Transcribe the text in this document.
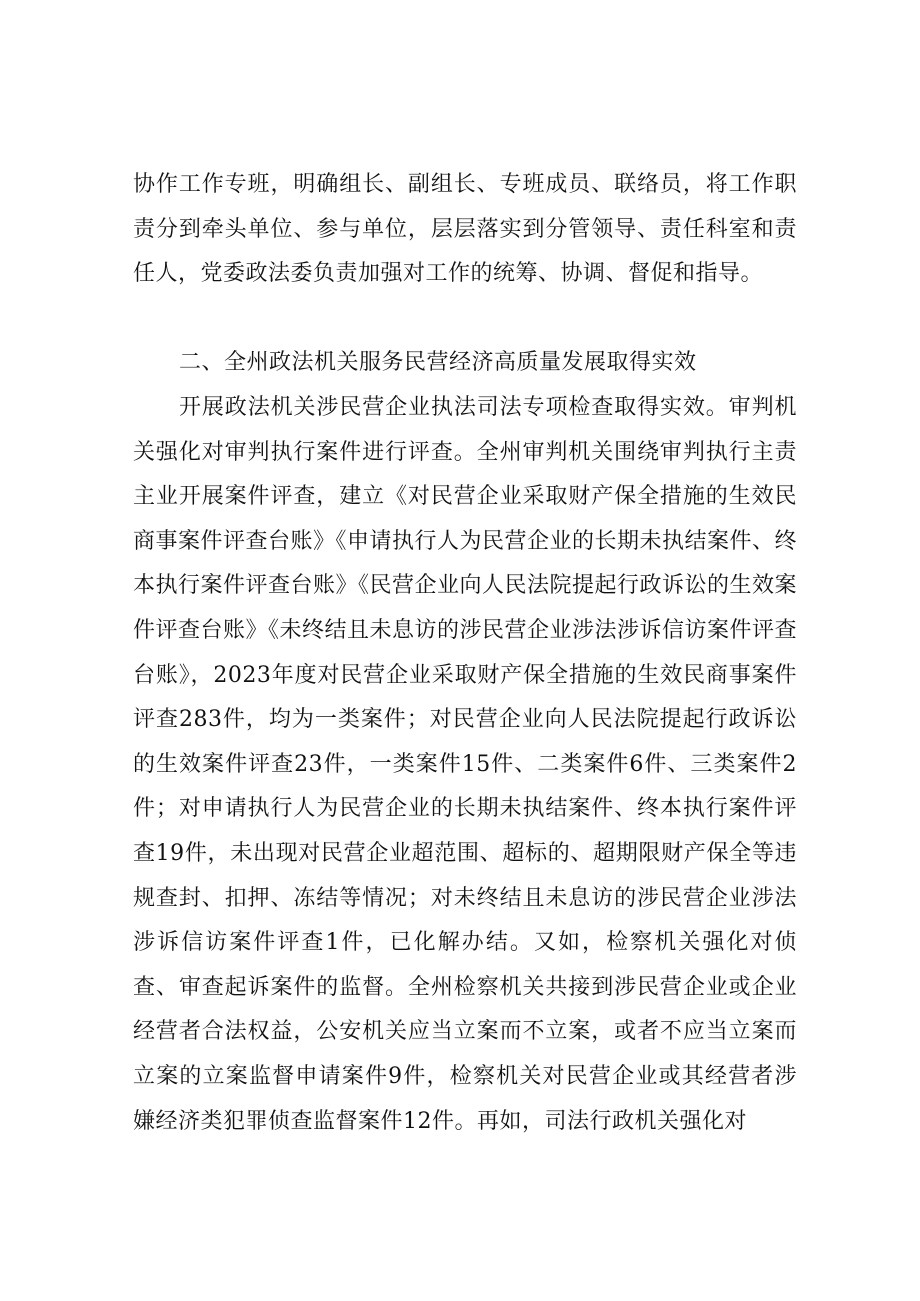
协作工作专班，明确组长、副组长、专班成员、联络员，将工作职责分到牵头单位、参与单位，层层落实到分管领导、责任科室和责任人，党委政法委负责加强对工作的统筹、协调、督促和指导。

二、全州政法机关服务民营经济高质量发展取得实效

开展政法机关涉民营企业执法司法专项检查取得实效。审判机关强化对审判执行案件进行评查。全州审判机关围绕审判执行主责主业开展案件评查，建立《对民营企业采取财产保全措施的生效民商事案件评查台账》《申请执行人为民营企业的长期未执结案件、终本执行案件评查台账》《民营企业向人民法院提起行政诉讼的生效案件评查台账》《未终结且未息访的涉民营企业涉法涉诉信访案件评查台账》，2023年度对民营企业采取财产保全措施的生效民商事案件评查283件，均为一类案件；对民营企业向人民法院提起行政诉讼的生效案件评查23件，一类案件15件、二类案件6件、三类案件2件；对申请执行人为民营企业的长期未执结案件、终本执行案件评查19件，未出现对民营企业超范围、超标的、超期限财产保全等违规查封、扣押、冻结等情况；对未终结且未息访的涉民营企业涉法涉诉信访案件评查1件，已化解办结。又如，检察机关强化对侦查、审查起诉案件的监督。全州检察机关共接到涉民营企业或企业经营者合法权益，公安机关应当立案而不立案，或者不应当立案而立案的立案监督申请案件9件，检察机关对民营企业或其经营者涉嫌经济类犯罪侦查监督案件12件。再如，司法行政机关强化对
